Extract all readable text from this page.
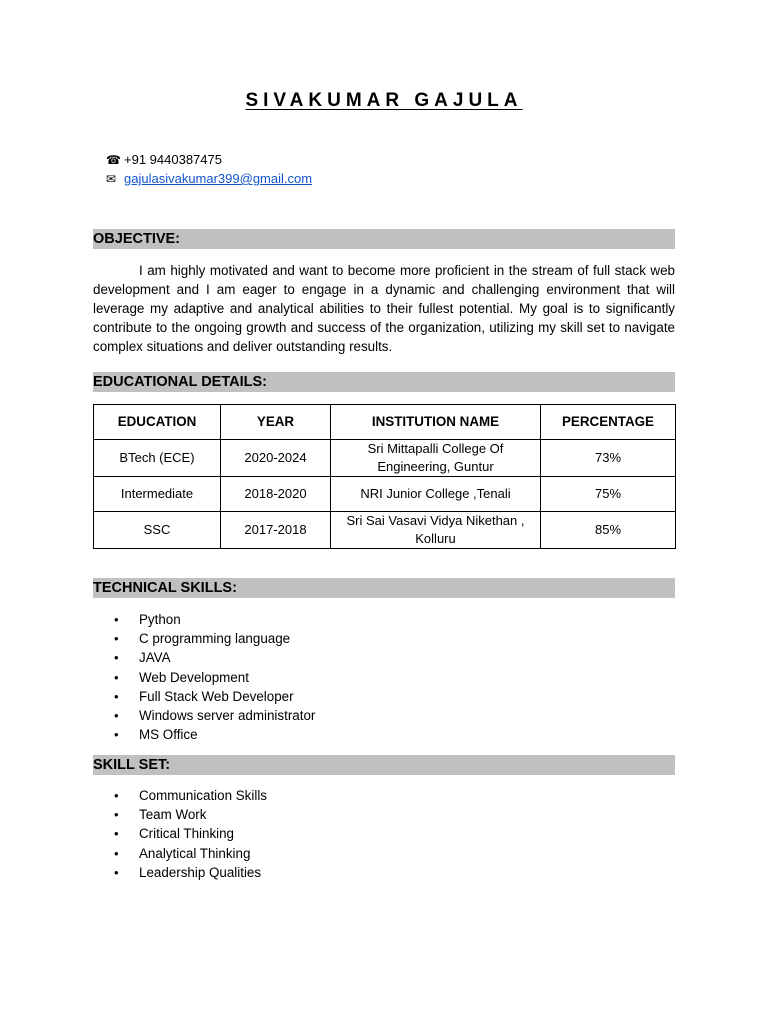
SIVAKUMAR GAJULA
☎ +91 9440387475
✉ gajulasivakumar399@gmail.com
OBJECTIVE:
I am highly motivated and want to become more proficient in the stream of full stack web development and I am eager to engage in a dynamic and challenging environment that will leverage my adaptive and analytical abilities to their fullest potential. My goal is to significantly contribute to the ongoing growth and success of the organization, utilizing my skill set to navigate complex situations and deliver outstanding results.
EDUCATIONAL DETAILS:
EDUCATION	YEAR	INSTITUTION NAME	PERCENTAGE
BTech (ECE)	2020-2024	Sri Mittapalli College Of Engineering, Guntur	73%
Intermediate	2018-2020	NRI Junior College ,Tenali	75%
SSC	2017-2018	Sri Sai Vasavi Vidya Nikethan , Kolluru	85%
TECHNICAL SKILLS:
• Python
• C programming language
• JAVA
• Web Development
• Full Stack Web Developer
• Windows server administrator
• MS Office
SKILL SET:
• Communication Skills
• Team Work
• Critical Thinking
• Analytical Thinking
• Leadership Qualities
